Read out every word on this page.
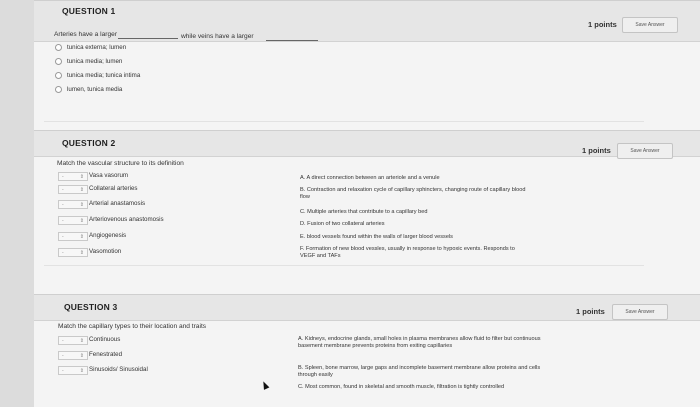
QUESTION 1
1 points	Save Answer
Arteries have a larger	while veins have a larger
tunica externa; lumen
tunica media; lumen
tunica media; tunica intima
lumen, tunica media
QUESTION 2
1 points	Save Answer
Match the vascular structure to its definition
-	⇕ Vasa vasorum
-	⇕ Collateral arteries
-	⇕ Arterial anastamosis
-	⇕ Arteriovenous anastomosis
-	⇕ Angiogenesis
-	⇕ Vasomotion
A. A direct connection between an arteriole and a venule
B. Contraction and relaxation cycle of capillary sphincters, changing route of capillary blood flow
C. Multiple arteries that contribute to a capillary bed
D. Fusion of two collateral arteries
E. blood vessels found within the walls of larger blood vessels
F. Formation of new blood vessles, usually in response to hypoxic events. Responds to VEGF and TAFs
QUESTION 3	1 points	Save Answer
Match the capillary types to their location and traits
-	⇕ Continuous
-	⇕ Fenestrated
-	⇕ Sinusoids/ Sinusoidal
A. Kidneys, endocrine glands, small holes in plasma membranes allow fluid to filter but continuous basement membrane prevents proteins from exiting capillaries
B. Spleen, bone marrow, large gaps and incomplete basement membrane allow proteins and cells through easily
C. Most common, found in skeletal and smooth muscle, filtration is tightly controlled
